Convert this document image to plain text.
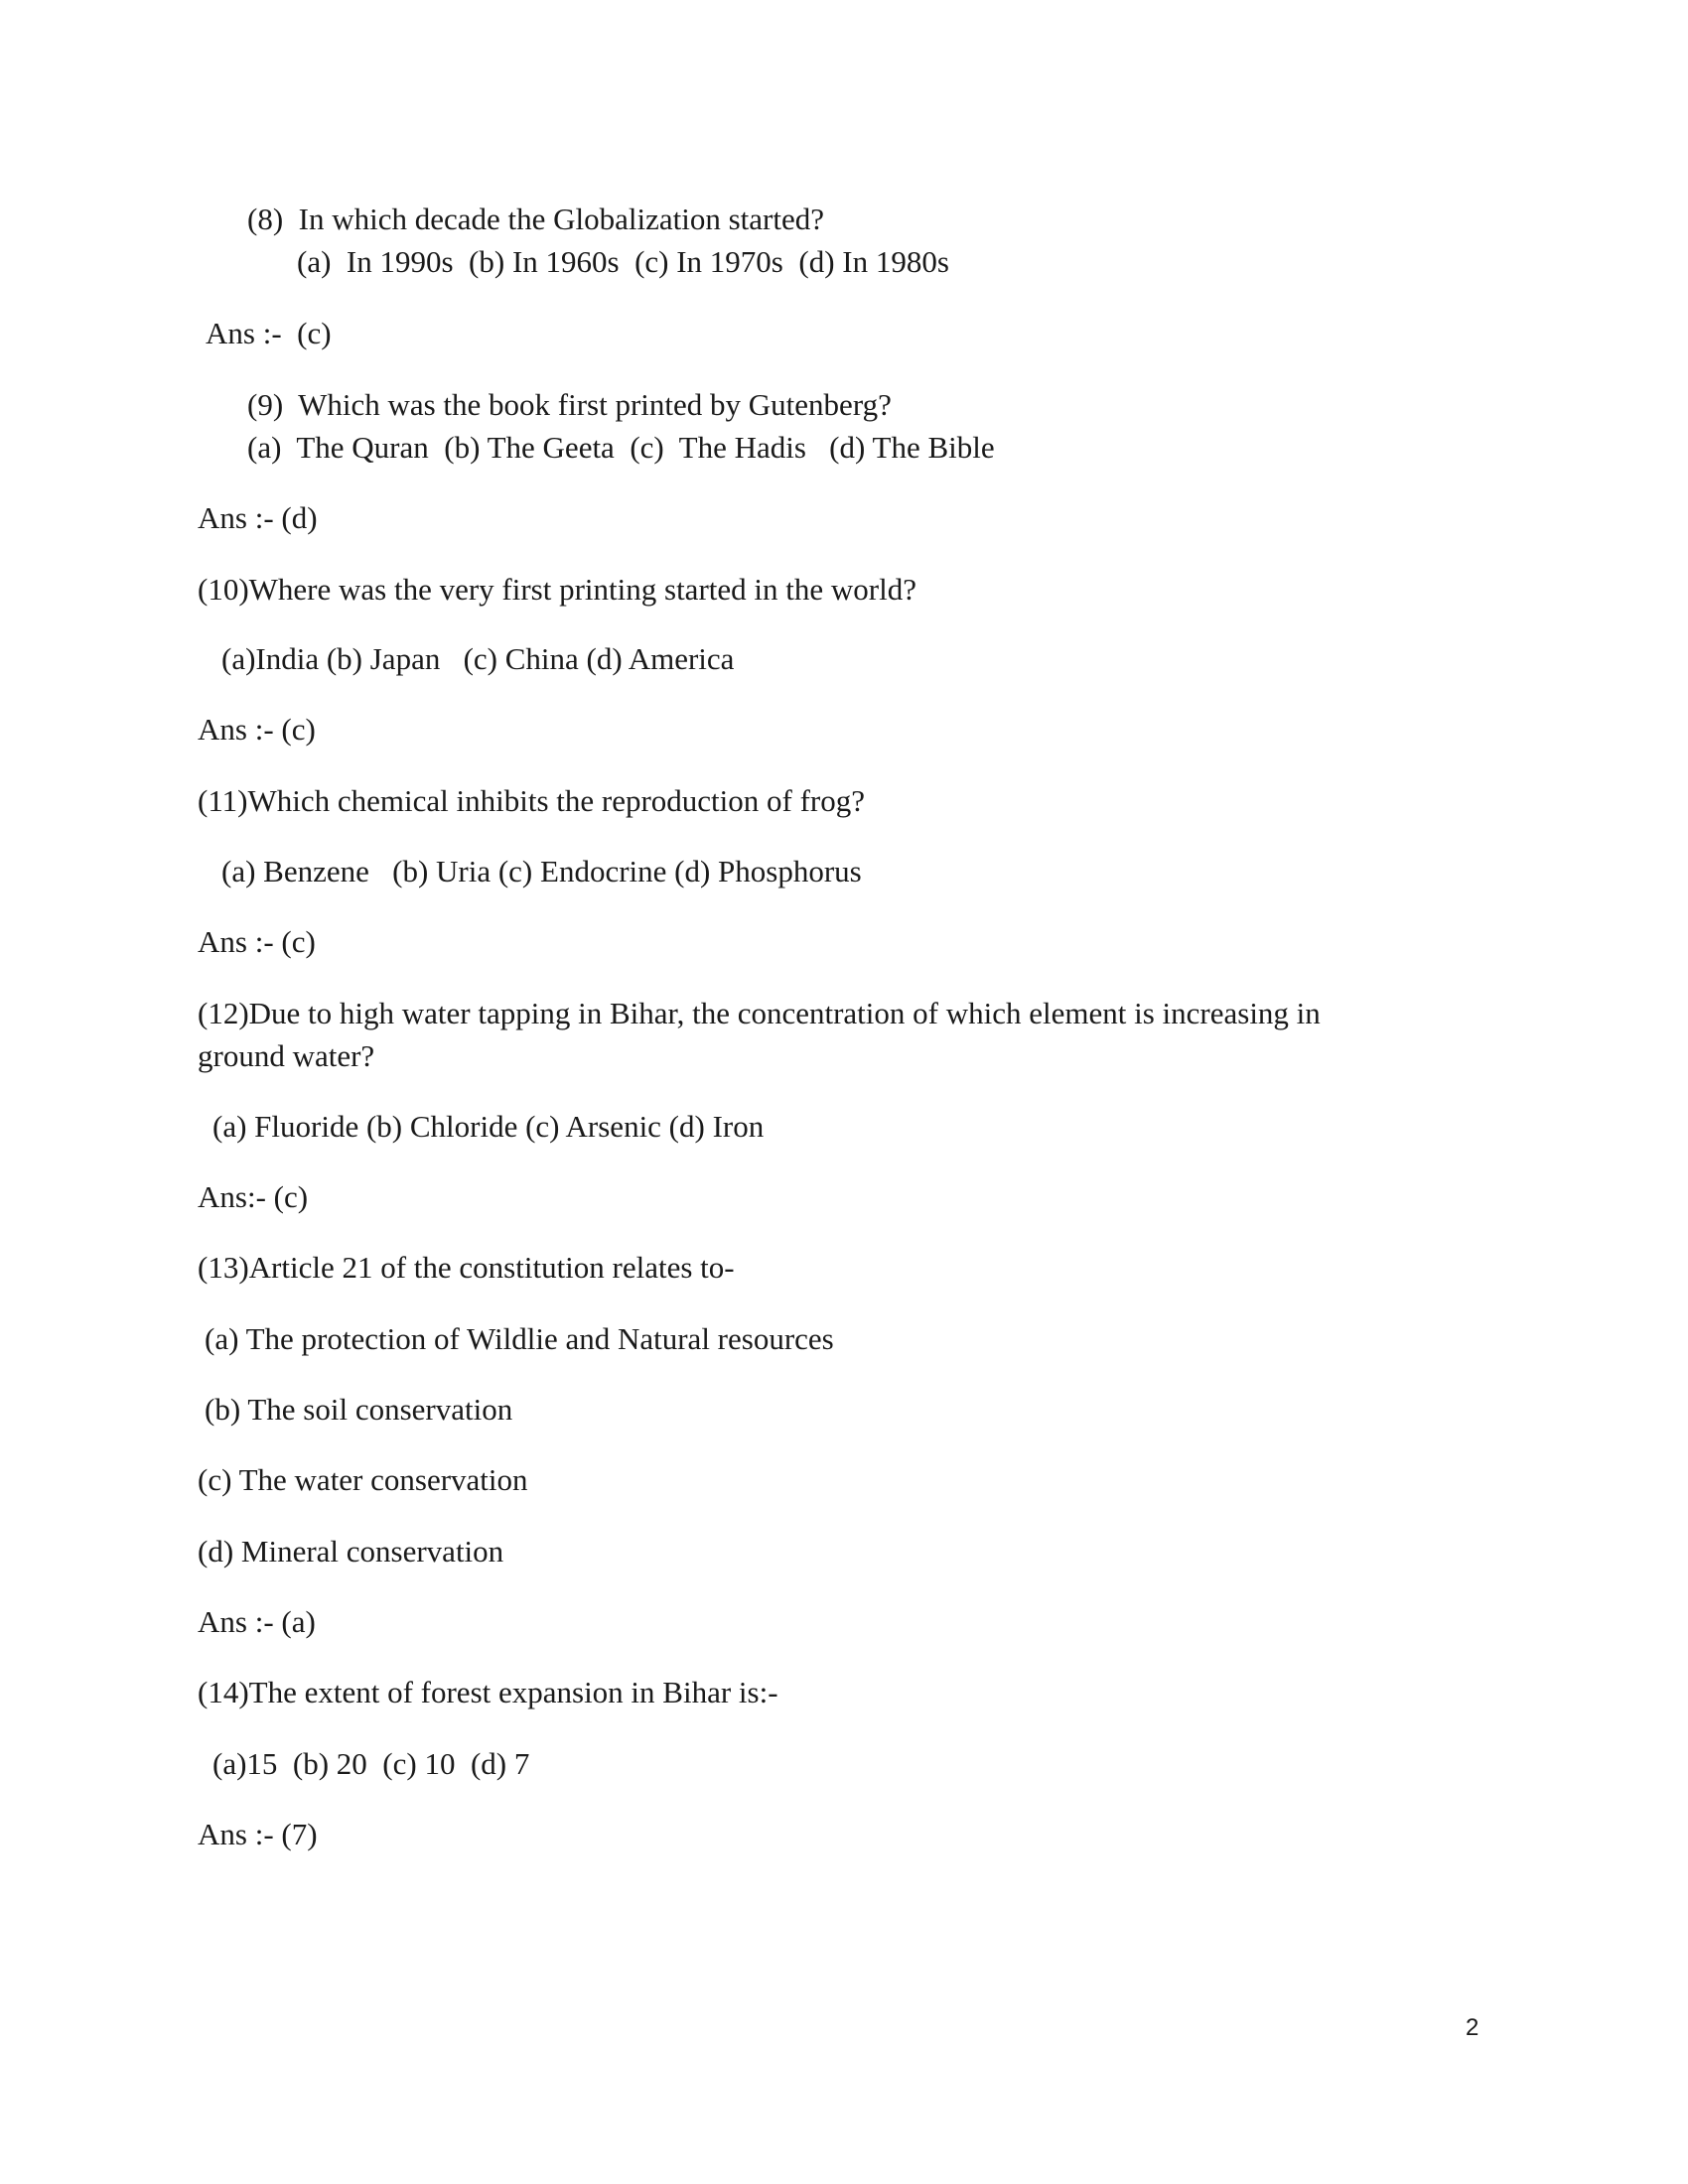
(8)  In which decade the Globalization started?
(a)  In 1990s  (b) In 1960s  (c) In 1970s  (d) In 1980s
Ans :-  (c)
(9)  Which was the book first printed by Gutenberg?
(a)  The Quran  (b) The Geeta  (c)  The Hadis   (d) The Bible
Ans :- (d)
(10)Where was the very first printing started in the world?
(a)India (b) Japan   (c) China (d) America
Ans :- (c)
(11)Which chemical inhibits the reproduction of frog?
(a) Benzene   (b) Uria (c) Endocrine (d) Phosphorus
Ans :- (c)
(12)Due to high water tapping in Bihar, the concentration of which element is increasing in
ground water?
(a) Fluoride (b) Chloride (c) Arsenic (d) Iron
Ans:- (c)
(13)Article 21 of the constitution relates to-
(a) The protection of Wildlie and Natural resources
(b) The soil conservation
(c) The water conservation
(d) Mineral conservation
Ans :- (a)
(14)The extent of forest expansion in Bihar is:-
(a)15  (b) 20  (c) 10  (d) 7
Ans :- (7)
2
